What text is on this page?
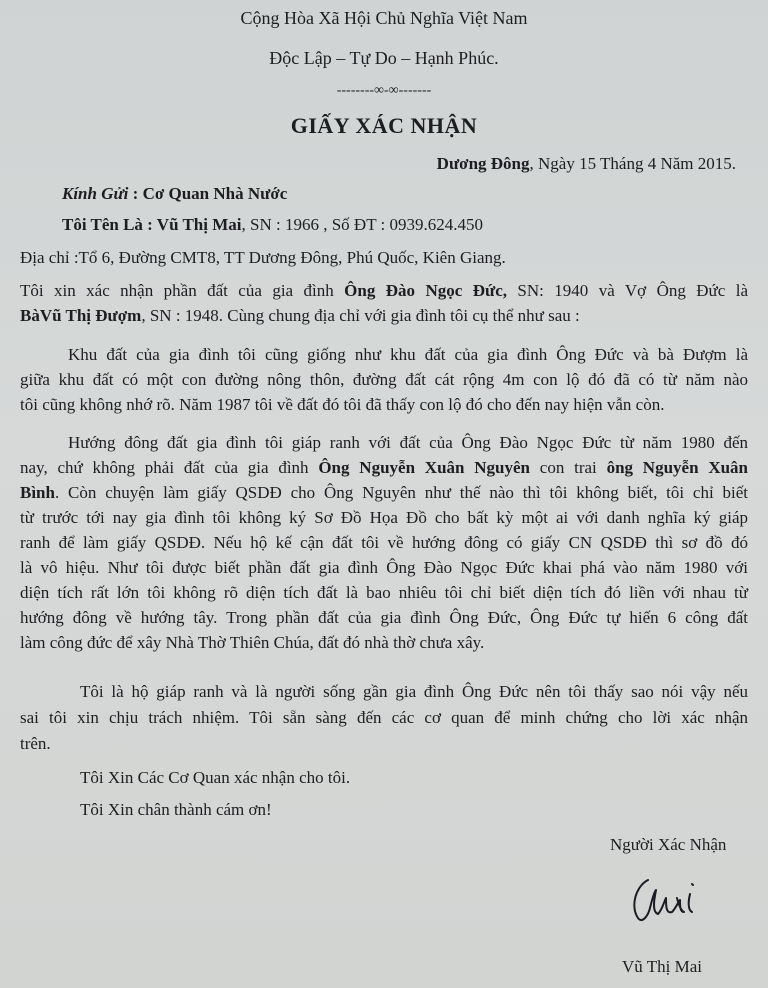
Cộng Hòa Xã Hội Chủ Nghĩa Việt Nam
Độc Lập – Tự Do – Hạnh Phúc.
--------∞-∞-------
GIẤY XÁC NHẬN
Dương Đông, Ngày 15 Tháng 4 Năm 2015.
Kính Gửi : Cơ Quan Nhà Nước
Tôi Tên Là : Vũ Thị Mai, SN : 1966 , Số ĐT : 0939.624.450
Địa chỉ :Tổ 6, Đường CMT8, TT Dương Đông, Phú Quốc, Kiên Giang.
Tôi xin xác nhận phần đất của gia đình Ông Đào Ngọc Đức, SN: 1940 và Vợ Ông Đức là
BàVũ Thị Đượm, SN : 1948. Cùng chung địa chỉ với gia đình tôi cụ thể như sau :
Khu đất của gia đình tôi cũng giống như khu đất của gia đình Ông Đức và bà Đượm là
giữa khu đất có một con đường nông thôn, đường đất cát rộng 4m con lộ đó đã có từ năm nào
tôi cũng không nhớ rõ. Năm 1987 tôi về đất đó tôi đã thấy con lộ đó cho đến nay hiện vẫn còn.
Hướng đông đất gia đình tôi giáp ranh với đất của Ông Đào Ngọc Đức từ năm 1980 đến
nay, chứ không phải đất của gia đình Ông Nguyễn Xuân Nguyên con trai ông Nguyễn Xuân
Bình. Còn chuyện làm giấy QSDĐ cho Ông Nguyên như thế nào thì tôi không biết, tôi chỉ biết
từ trước tới nay gia đình tôi không ký Sơ Đồ Họa Đồ cho bất kỳ một ai với danh nghĩa ký giáp
ranh để làm giấy QSDĐ. Nếu hộ kế cận đất tôi về hướng đông có giấy CN QSDĐ thì sơ đồ đó
là vô hiệu. Như tôi được biết phần đất gia đình Ông Đào Ngọc Đức khai phá vào năm 1980 với
diện tích rất lớn tôi không rõ diện tích đất là bao nhiêu tôi chỉ biết diện tích đó liền với nhau từ
hướng đông về hướng tây. Trong phần đất của gia đình Ông Đức, Ông Đức tự hiến 6 công đất
làm công đức để xây Nhà Thờ Thiên Chúa, đất đó nhà thờ chưa xây.
Tôi là hộ giáp ranh và là người sống gần gia đình Ông Đức nên tôi thấy sao nói vậy nếu
sai tôi xin chịu trách nhiệm. Tôi sẵn sàng đến các cơ quan để minh chứng cho lời xác nhận
trên.
Tôi Xin Các Cơ Quan xác nhận cho tôi.
Tôi Xin chân thành cám ơn!
Người Xác Nhận
Vũ Thị Mai
